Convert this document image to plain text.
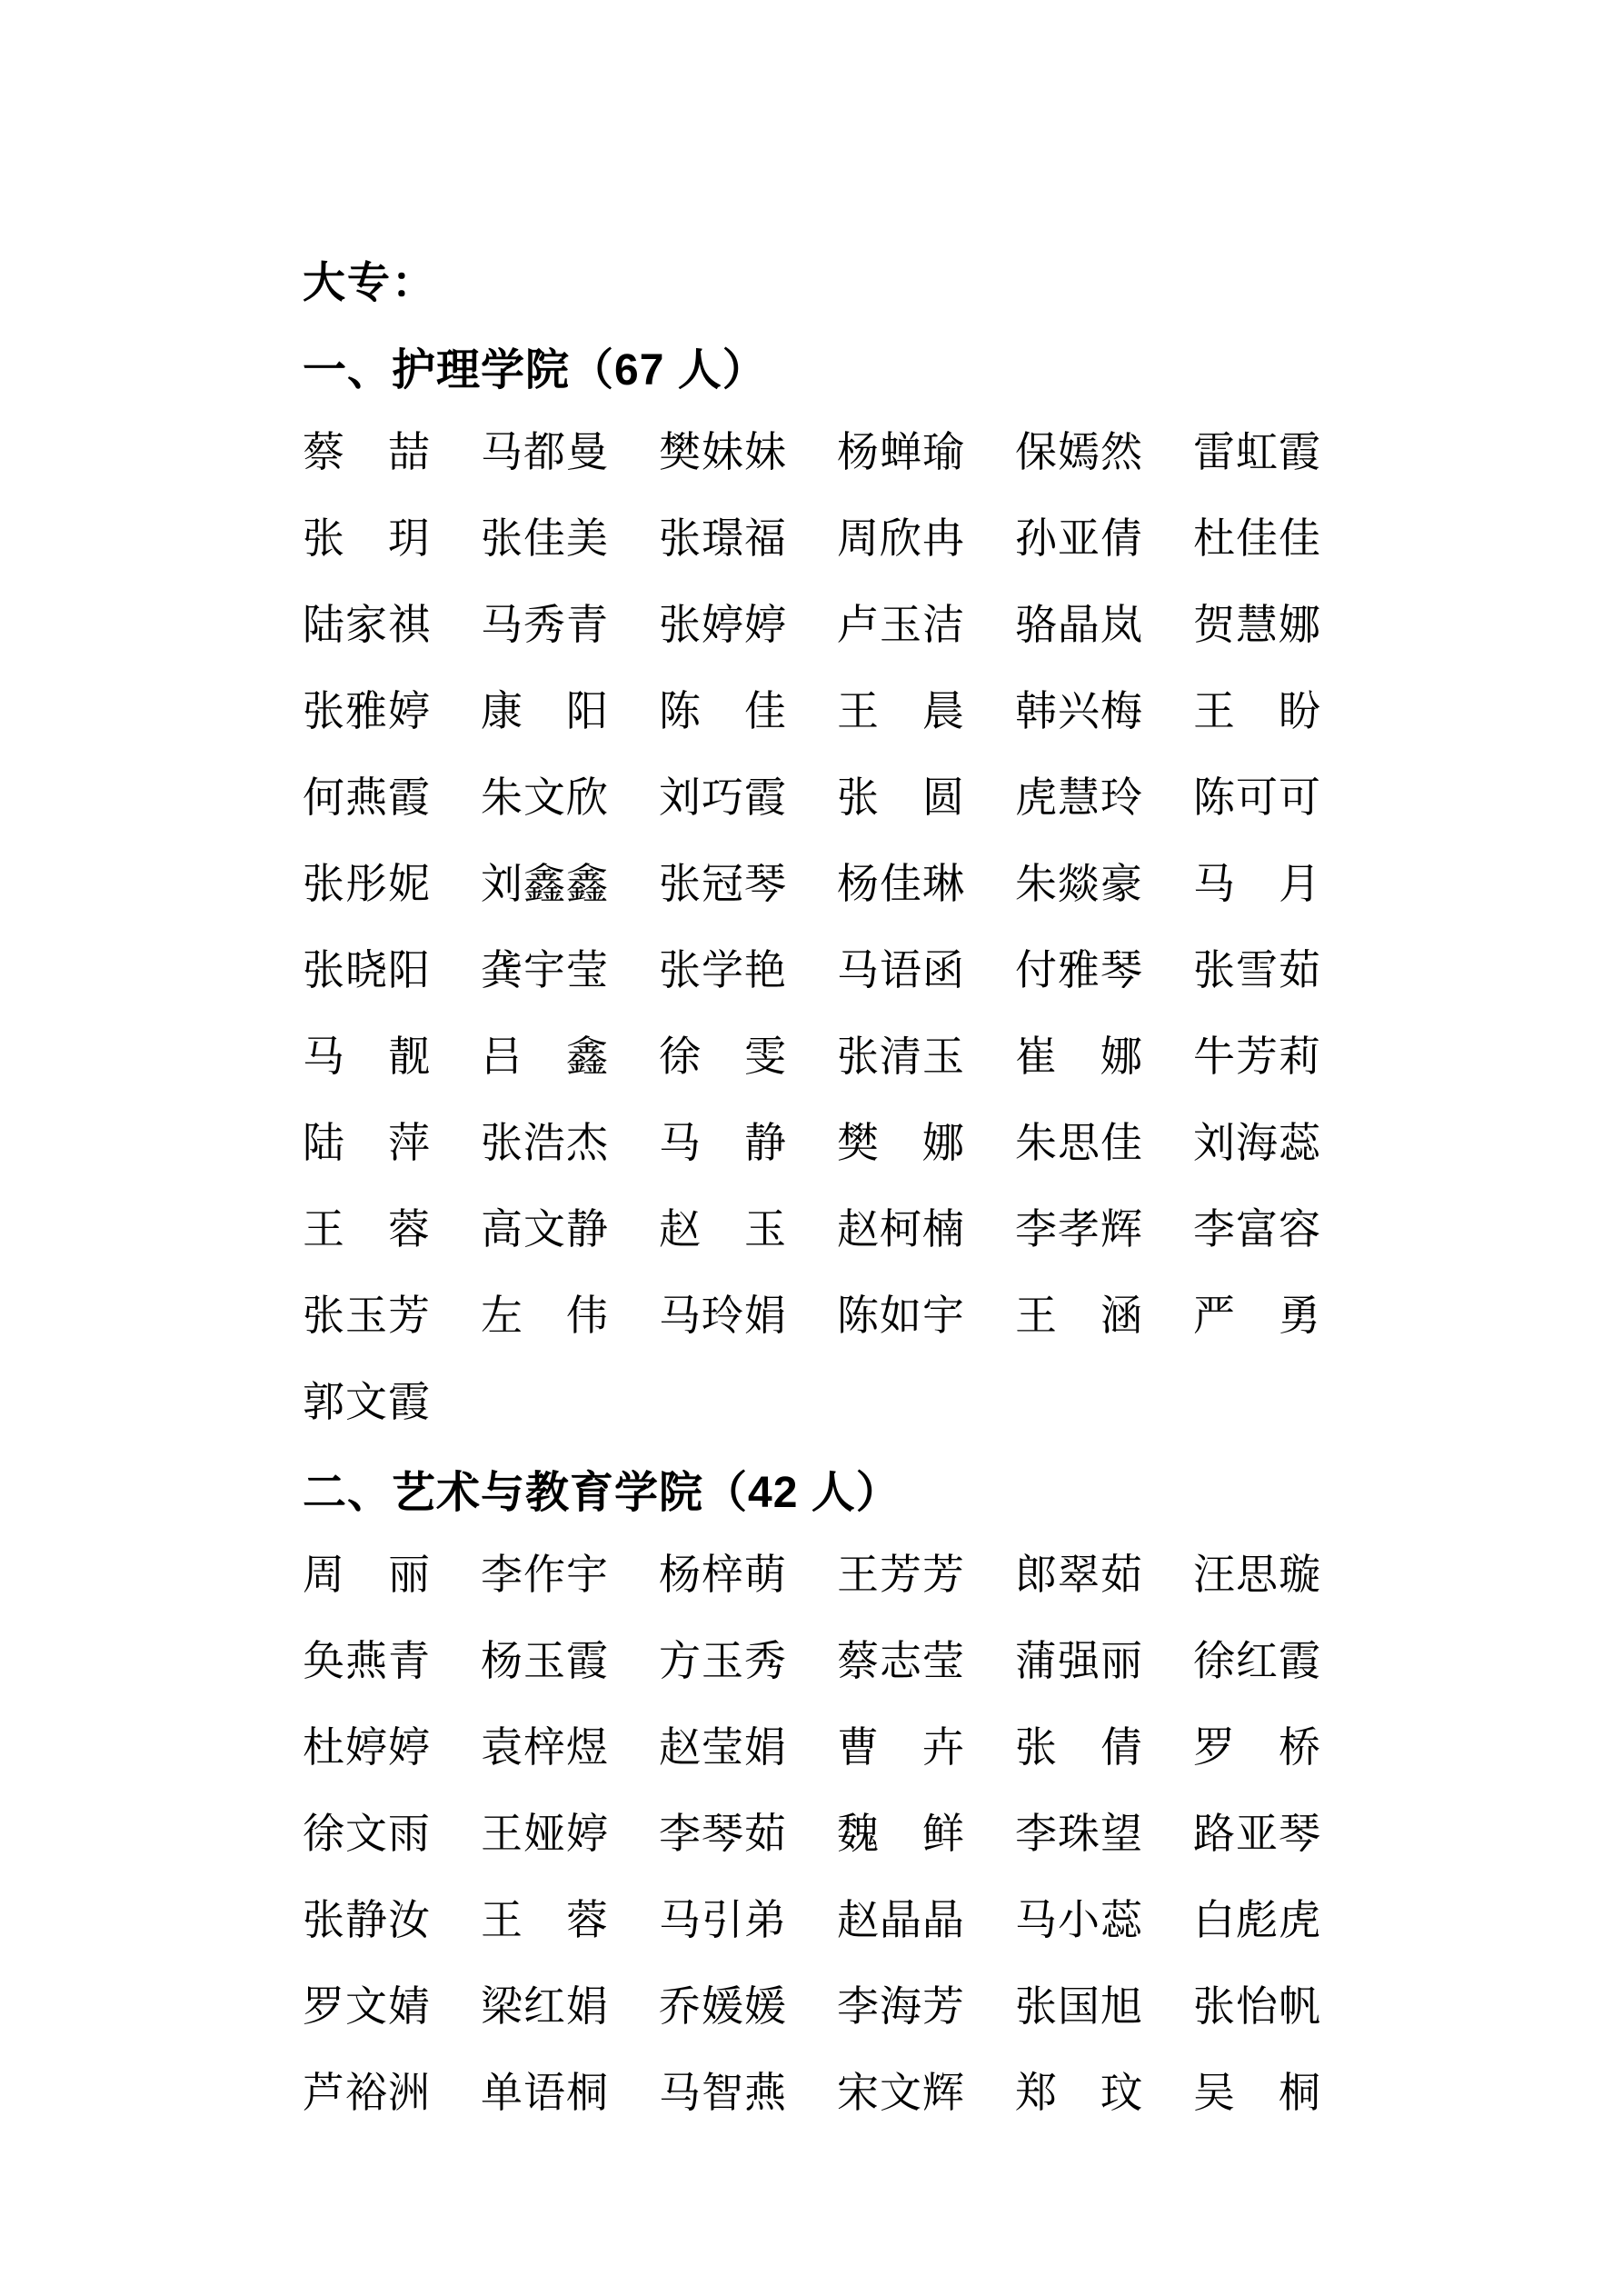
大专：
一、护理学院（67 人）
蔡喆 马都曼 樊妹妹 杨蝉瑜 保嫣然 雷虹霞
张玥 张佳美 张璟福 周欣冉 孙亚倩 杜佳佳
陆家祺 马秀青 张婷婷 卢玉洁 骆晶岚 贺慧娜
张雅婷 康阳 陈佳 王晨 韩兴梅 王盼
何燕霞 朱文欣 刘巧霞 张圆 虎慧玲 陈可可
张彤妮 刘鑫鑫 张冠琴 杨佳琳 朱燚豪 马月
张晓阳 龚宇莹 张学艳 马语函 付雅琴 张雪茹
马靓 吕鑫 徐雯 张清玉 崔娜 牛芳莉
陆萍 张浩杰 马静 樊娜 朱思佳 刘海蕊
王蓉 高文静 赵玉 赵柯楠 李孝辉 李富容
张玉芳 左伟 马玲娟 陈如宇 王涵 严勇
郭文霞
二、艺术与教育学院（42 人）
周丽 李作宇 杨梓萌 王芳芳 郎翠茹 汪思璇
奂燕青 杨玉霞 方玉秀 蔡志莹 蒲强丽 徐红霞
杜婷婷 袁梓煜 赵莹娟 曹卉 张倩 罗桥
徐文雨 王娅婷 李琴茹 魏鲜 李珠望 路亚琴
张静汝 王蓉 马引弟 赵晶晶 马小蕊 白彪虎
罗文婧 梁红娟 乔媛媛 李海芳 张国旭 张怡帆
芦裕洲 单语桐 马智燕 宋文辉 郑玟 吴桐
